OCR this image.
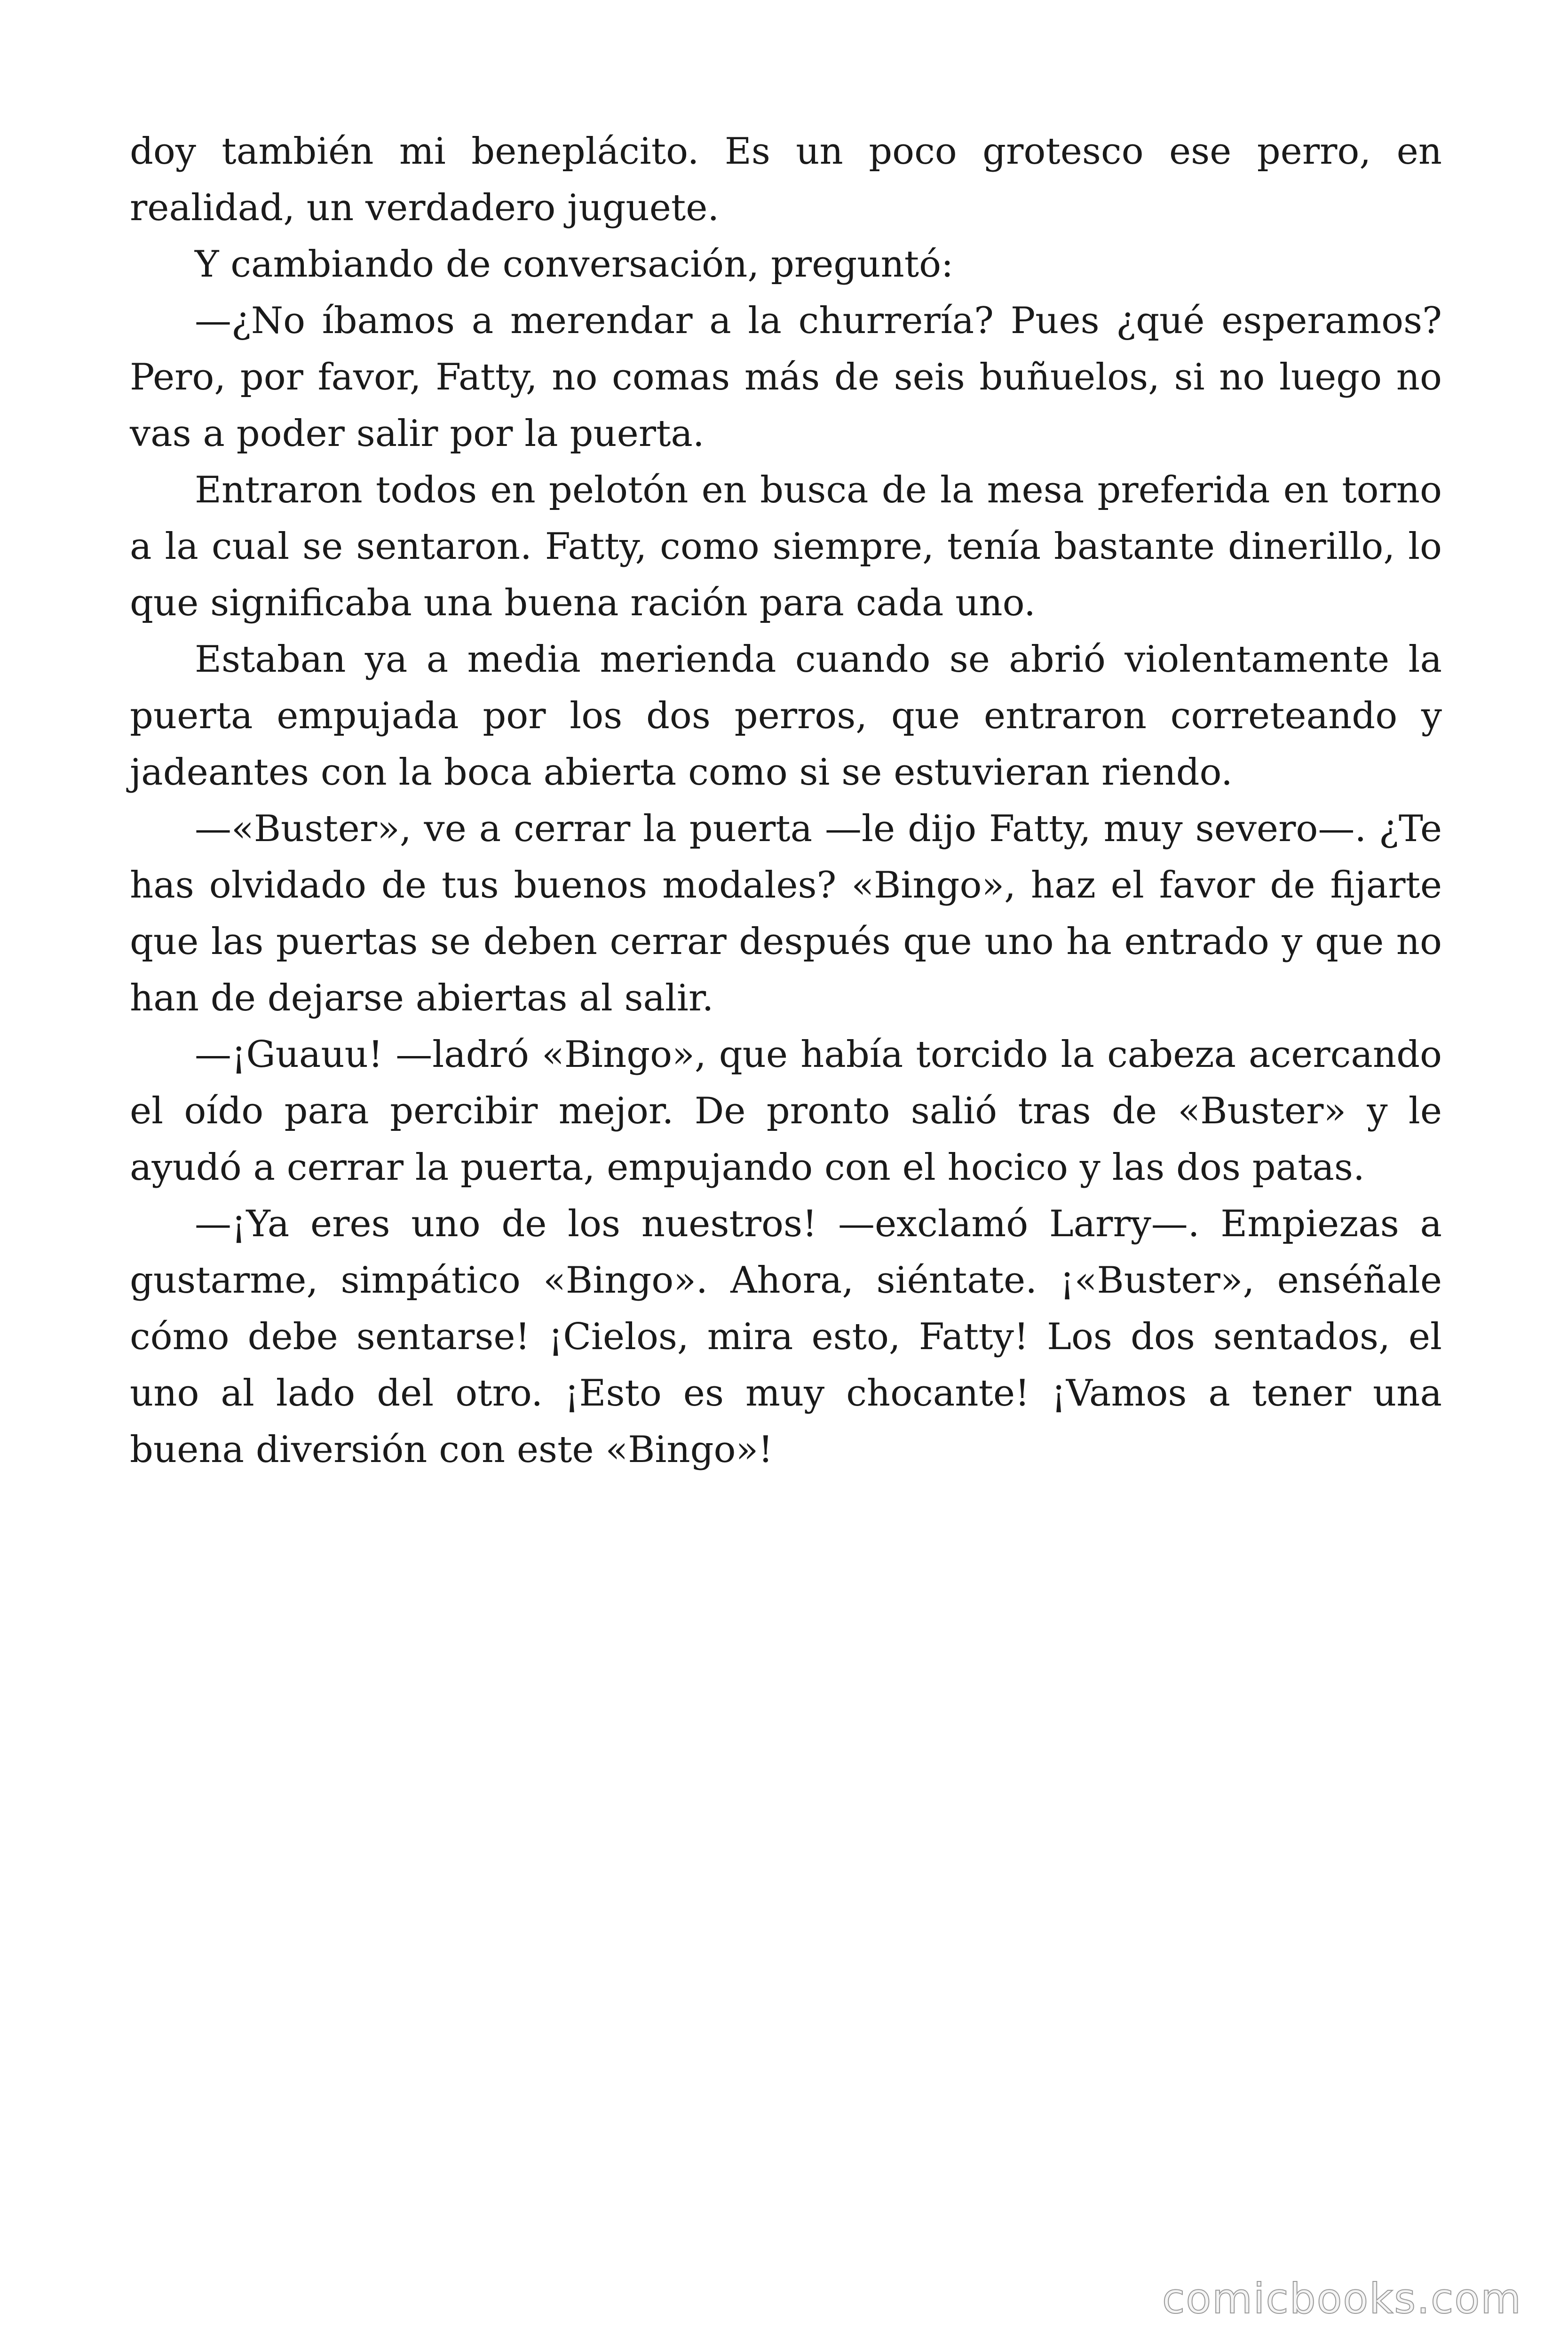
doy también mi beneplácito. Es un poco grotesco ese perro, en realidad, un verdadero juguete.

Y cambiando de conversación, preguntó:

—¿No íbamos a merendar a la churrería? Pues ¿qué esperamos? Pero, por favor, Fatty, no comas más de seis buñuelos, si no luego no vas a poder salir por la puerta.

Entraron todos en pelotón en busca de la mesa preferida en torno a la cual se sentaron. Fatty, como siempre, tenía bastante dinerillo, lo que significaba una buena ración para cada uno.

Estaban ya a media merienda cuando se abrió violentamente la puerta empujada por los dos perros, que entraron correteando y jadeantes con la boca abierta como si se estuvieran riendo.

—«Buster», ve a cerrar la puerta —le dijo Fatty, muy severo—. ¿Te has olvidado de tus buenos modales? «Bingo», haz el favor de fijarte que las puertas se deben cerrar después que uno ha entrado y que no han de dejarse abiertas al salir.

—¡Guauu! —ladró «Bingo», que había torcido la cabeza acercando el oído para percibir mejor. De pronto salió tras de «Buster» y le ayudó a cerrar la puerta, empujando con el hocico y las dos patas.

—¡Ya eres uno de los nuestros! —exclamó Larry—. Empiezas a gustarme, simpático «Bingo». Ahora, siéntate. ¡«Buster», enséñale cómo debe sentarse! ¡Cielos, mira esto, Fatty! Los dos sentados, el uno al lado del otro. ¡Esto es muy chocante! ¡Vamos a tener una buena diversión con este «Bingo»!

comicbooks.com
